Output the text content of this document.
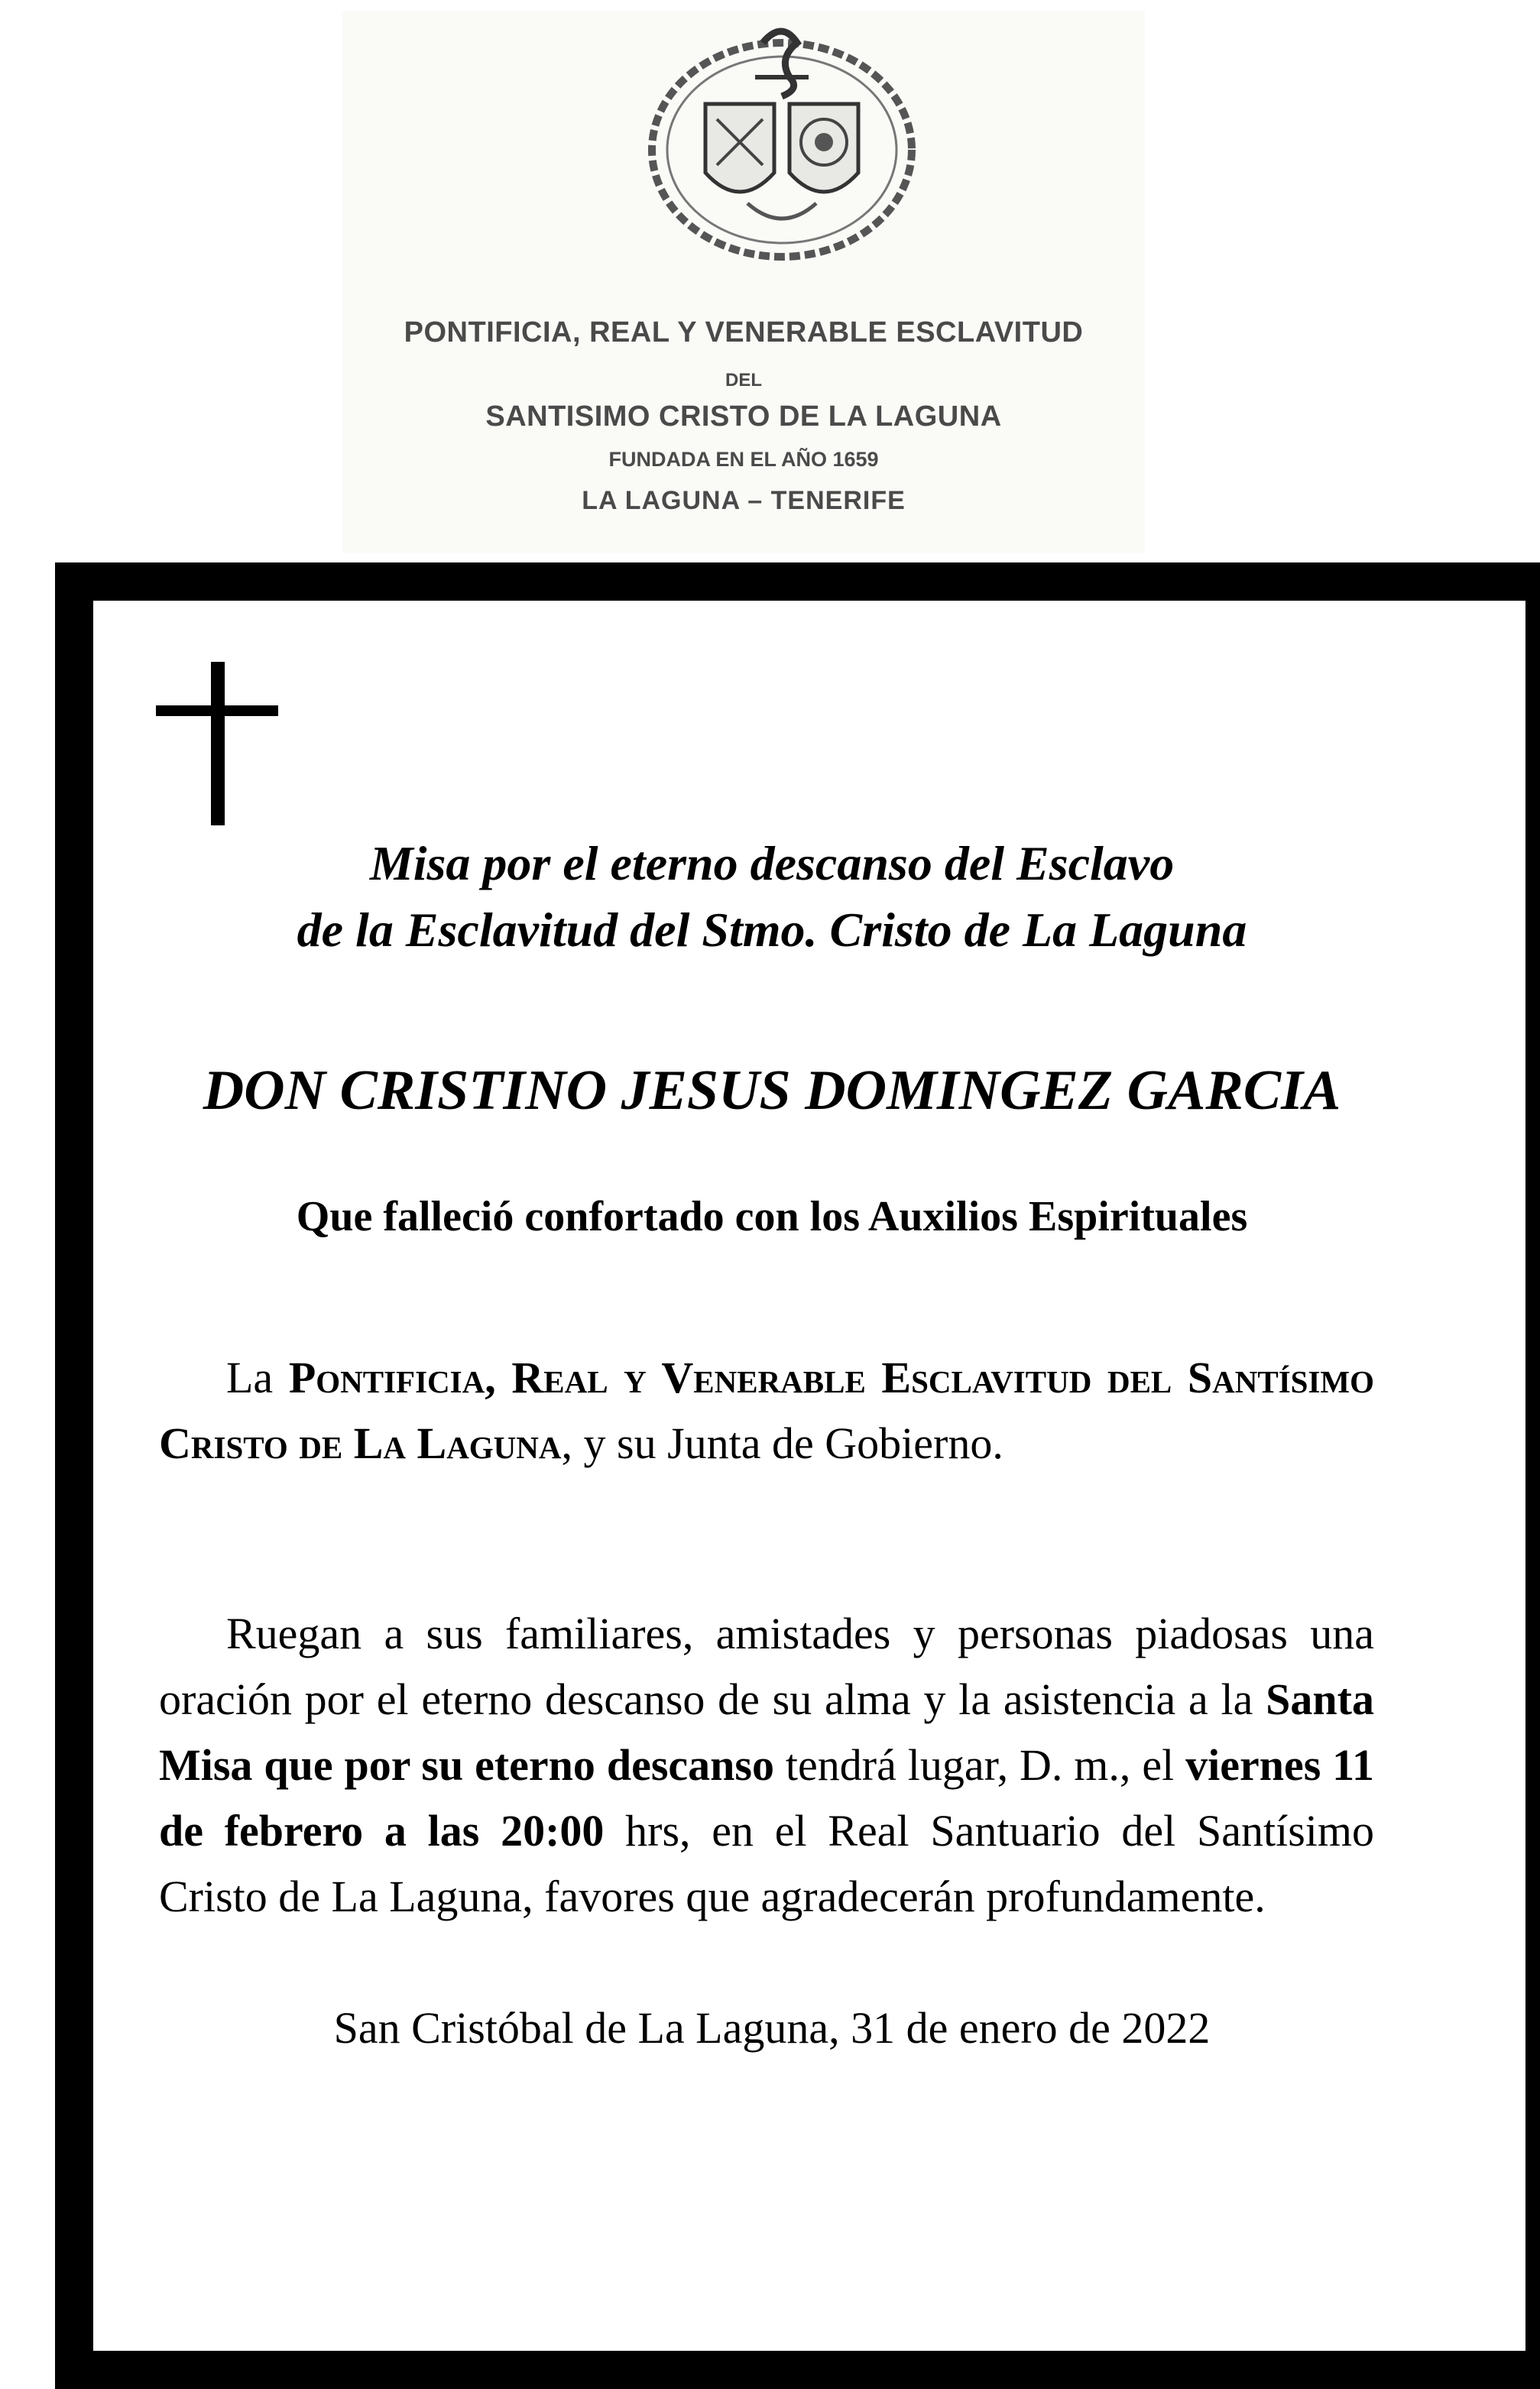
PONTIFICIA, REAL Y VENERABLE ESCLAVITUD
DEL
SANTISIMO CRISTO DE LA LAGUNA
FUNDADA EN EL AÑO 1659
LA LAGUNA – TENERIFE
Misa por el eterno descanso del Esclavo
de la Esclavitud del Stmo. Cristo de La Laguna
DON CRISTINO JESUS DOMINGEZ GARCIA
Que falleció confortado con los Auxilios Espirituales
La Pontificia, Real y Venerable Esclavitud del Santísimo Cristo de La Laguna, y su Junta de Gobierno.
Ruegan a sus familiares, amistades y personas piadosas una oración por el eterno descanso de su alma y la asistencia a la Santa Misa que por su eterno descanso tendrá lugar, D. m., el viernes 11 de febrero a las 20:00 hrs, en el Real Santuario del Santísimo Cristo de La Laguna, favores que agradecerán profundamente.
San Cristóbal de La Laguna, 31 de enero de 2022
